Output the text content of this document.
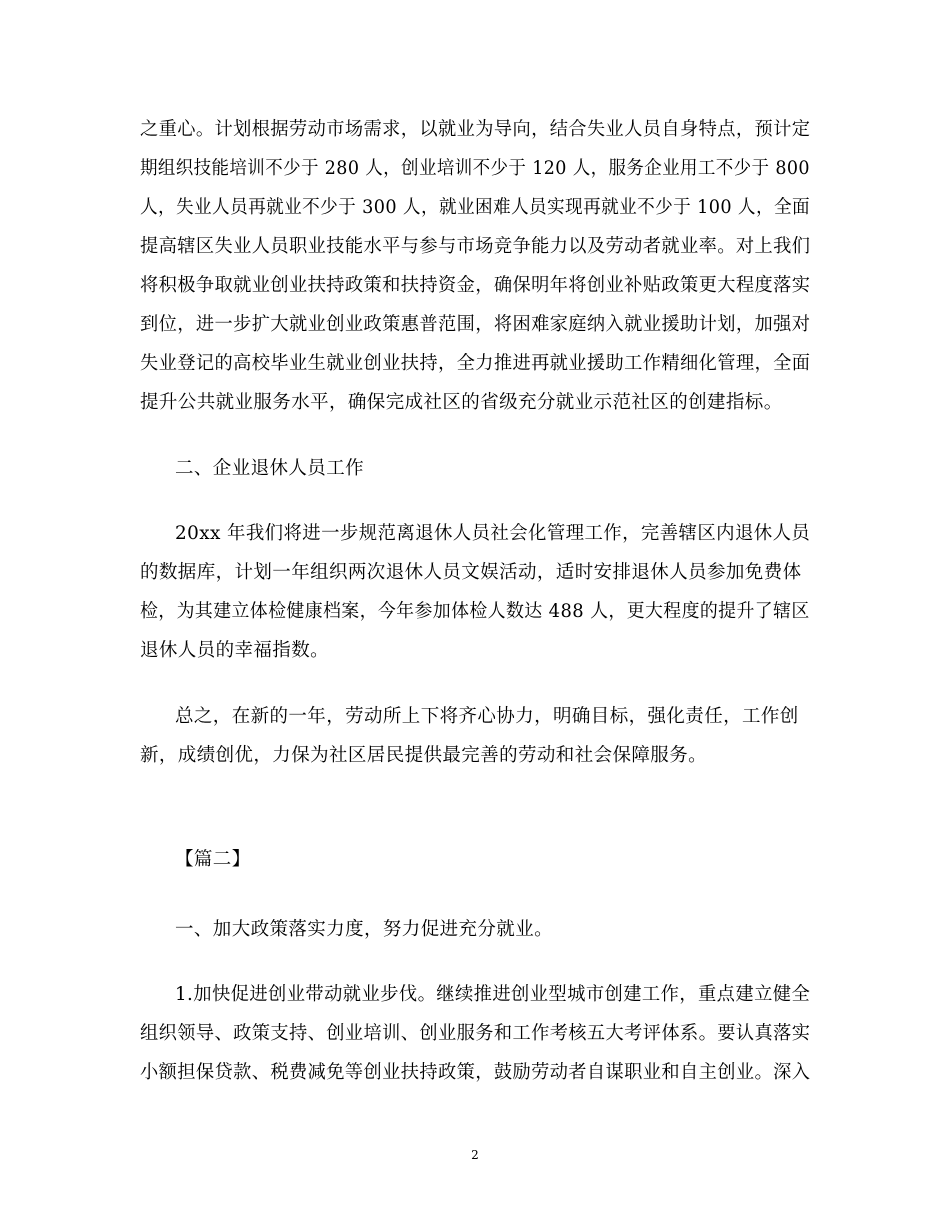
之重心。计划根据劳动市场需求，以就业为导向，结合失业人员自身特点，预计定
期组织技能培训不少于 280 人，创业培训不少于 120 人，服务企业用工不少于 800
人，失业人员再就业不少于 300 人，就业困难人员实现再就业不少于 100 人，全面
提高辖区失业人员职业技能水平与参与市场竞争能力以及劳动者就业率。对上我们
将积极争取就业创业扶持政策和扶持资金，确保明年将创业补贴政策更大程度落实
到位，进一步扩大就业创业政策惠普范围，将困难家庭纳入就业援助计划，加强对
失业登记的高校毕业生就业创业扶持，全力推进再就业援助工作精细化管理，全面
提升公共就业服务水平，确保完成社区的省级充分就业示范社区的创建指标。
二、企业退休人员工作
20xx 年我们将进一步规范离退休人员社会化管理工作，完善辖区内退休人员
的数据库，计划一年组织两次退休人员文娱活动，适时安排退休人员参加免费体
检，为其建立体检健康档案，今年参加体检人数达 488 人，更大程度的提升了辖区
退休人员的幸福指数。
总之，在新的一年，劳动所上下将齐心协力，明确目标，强化责任，工作创
新，成绩创优，力保为社区居民提供最完善的劳动和社会保障服务。
【篇二】
一、加大政策落实力度，努力促进充分就业。
1.加快促进创业带动就业步伐。继续推进创业型城市创建工作，重点建立健全
组织领导、政策支持、创业培训、创业服务和工作考核五大考评体系。要认真落实
小额担保贷款、税费减免等创业扶持政策，鼓励劳动者自谋职业和自主创业。深入
2
